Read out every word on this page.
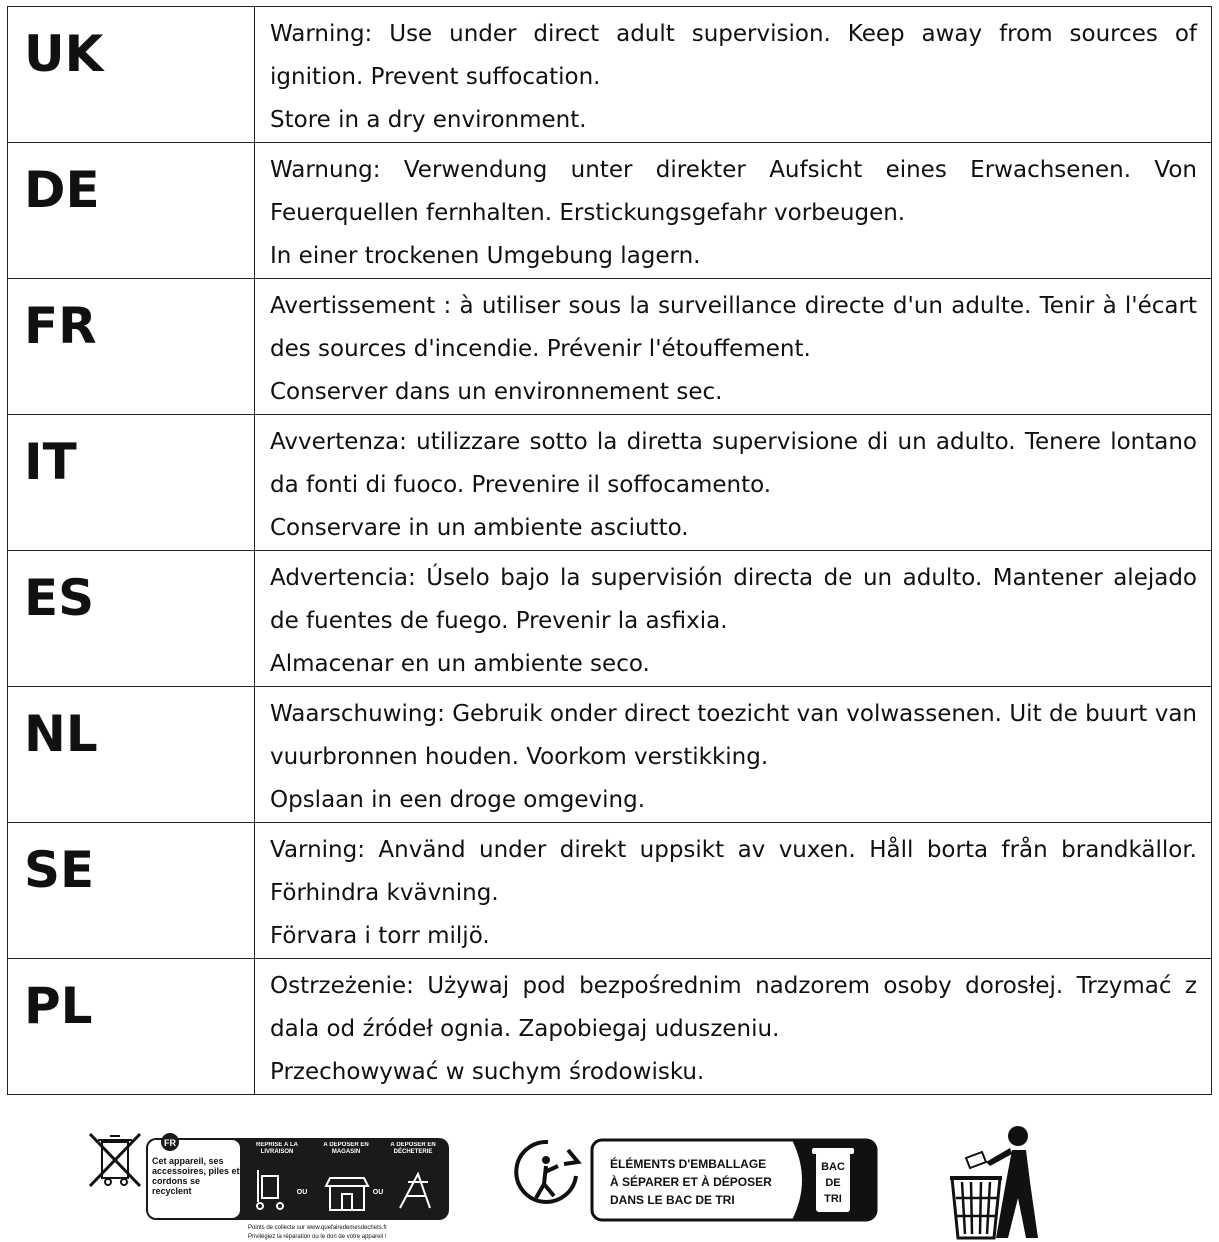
UK	Warning: Use under direct adult supervision. Keep away from sources of ignition. Prevent suffocation.

Store in a dry environment.

DE	Warnung: Verwendung unter direkter Aufsicht eines Erwachsenen. Von Feuerquellen fernhalten. Erstickungsgefahr vorbeugen.

In einer trockenen Umgebung lagern.

FR	Avertissement : à utiliser sous la surveillance directe d'un adulte. Tenir à l'écart des sources d'incendie. Prévenir l'étouffement.

Conserver dans un environnement sec.

IT	Avvertenza: utilizzare sotto la diretta supervisione di un adulto. Tenere lontano da fonti di fuoco. Prevenire il soffocamento.

Conservare in un ambiente asciutto.

ES	Advertencia: Úselo bajo la supervisión directa de un adulto. Mantener alejado de fuentes de fuego. Prevenir la asfixia.

Almacenar en un ambiente seco.

NL	Waarschuwing: Gebruik onder direct toezicht van volwassenen. Uit de buurt van vuurbronnen houden. Voorkom verstikking.

Opslaan in een droge omgeving.

SE	Varning: Använd under direkt uppsikt av vuxen. Håll borta från brandkällor. Förhindra kvävning.

Förvara i torr miljö.

PL	Ostrzeżenie: Używaj pod bezpośrednim nadzorem osoby dorosłej. Trzymać z dala od źródeł ognia. Zapobiegaj uduszeniu.

Przechowywać w suchym środowisku.

FR
Cet appareil, ses accessoires, piles et cordons se recyclent
REPRISE À LA LIVRAISON
À DÉPOSER EN MAGASIN
À DÉPOSER EN DÉCHETERIE
OU	OU
Points de collecte sur www.quefairedemesdechets.fr
Privilégiez la réparation ou le don de votre appareil !
ÉLÉMENTS D'EMBALLAGE
À SÉPARER ET À DÉPOSER
DANS LE BAC DE TRI
BAC
DE
TRI
